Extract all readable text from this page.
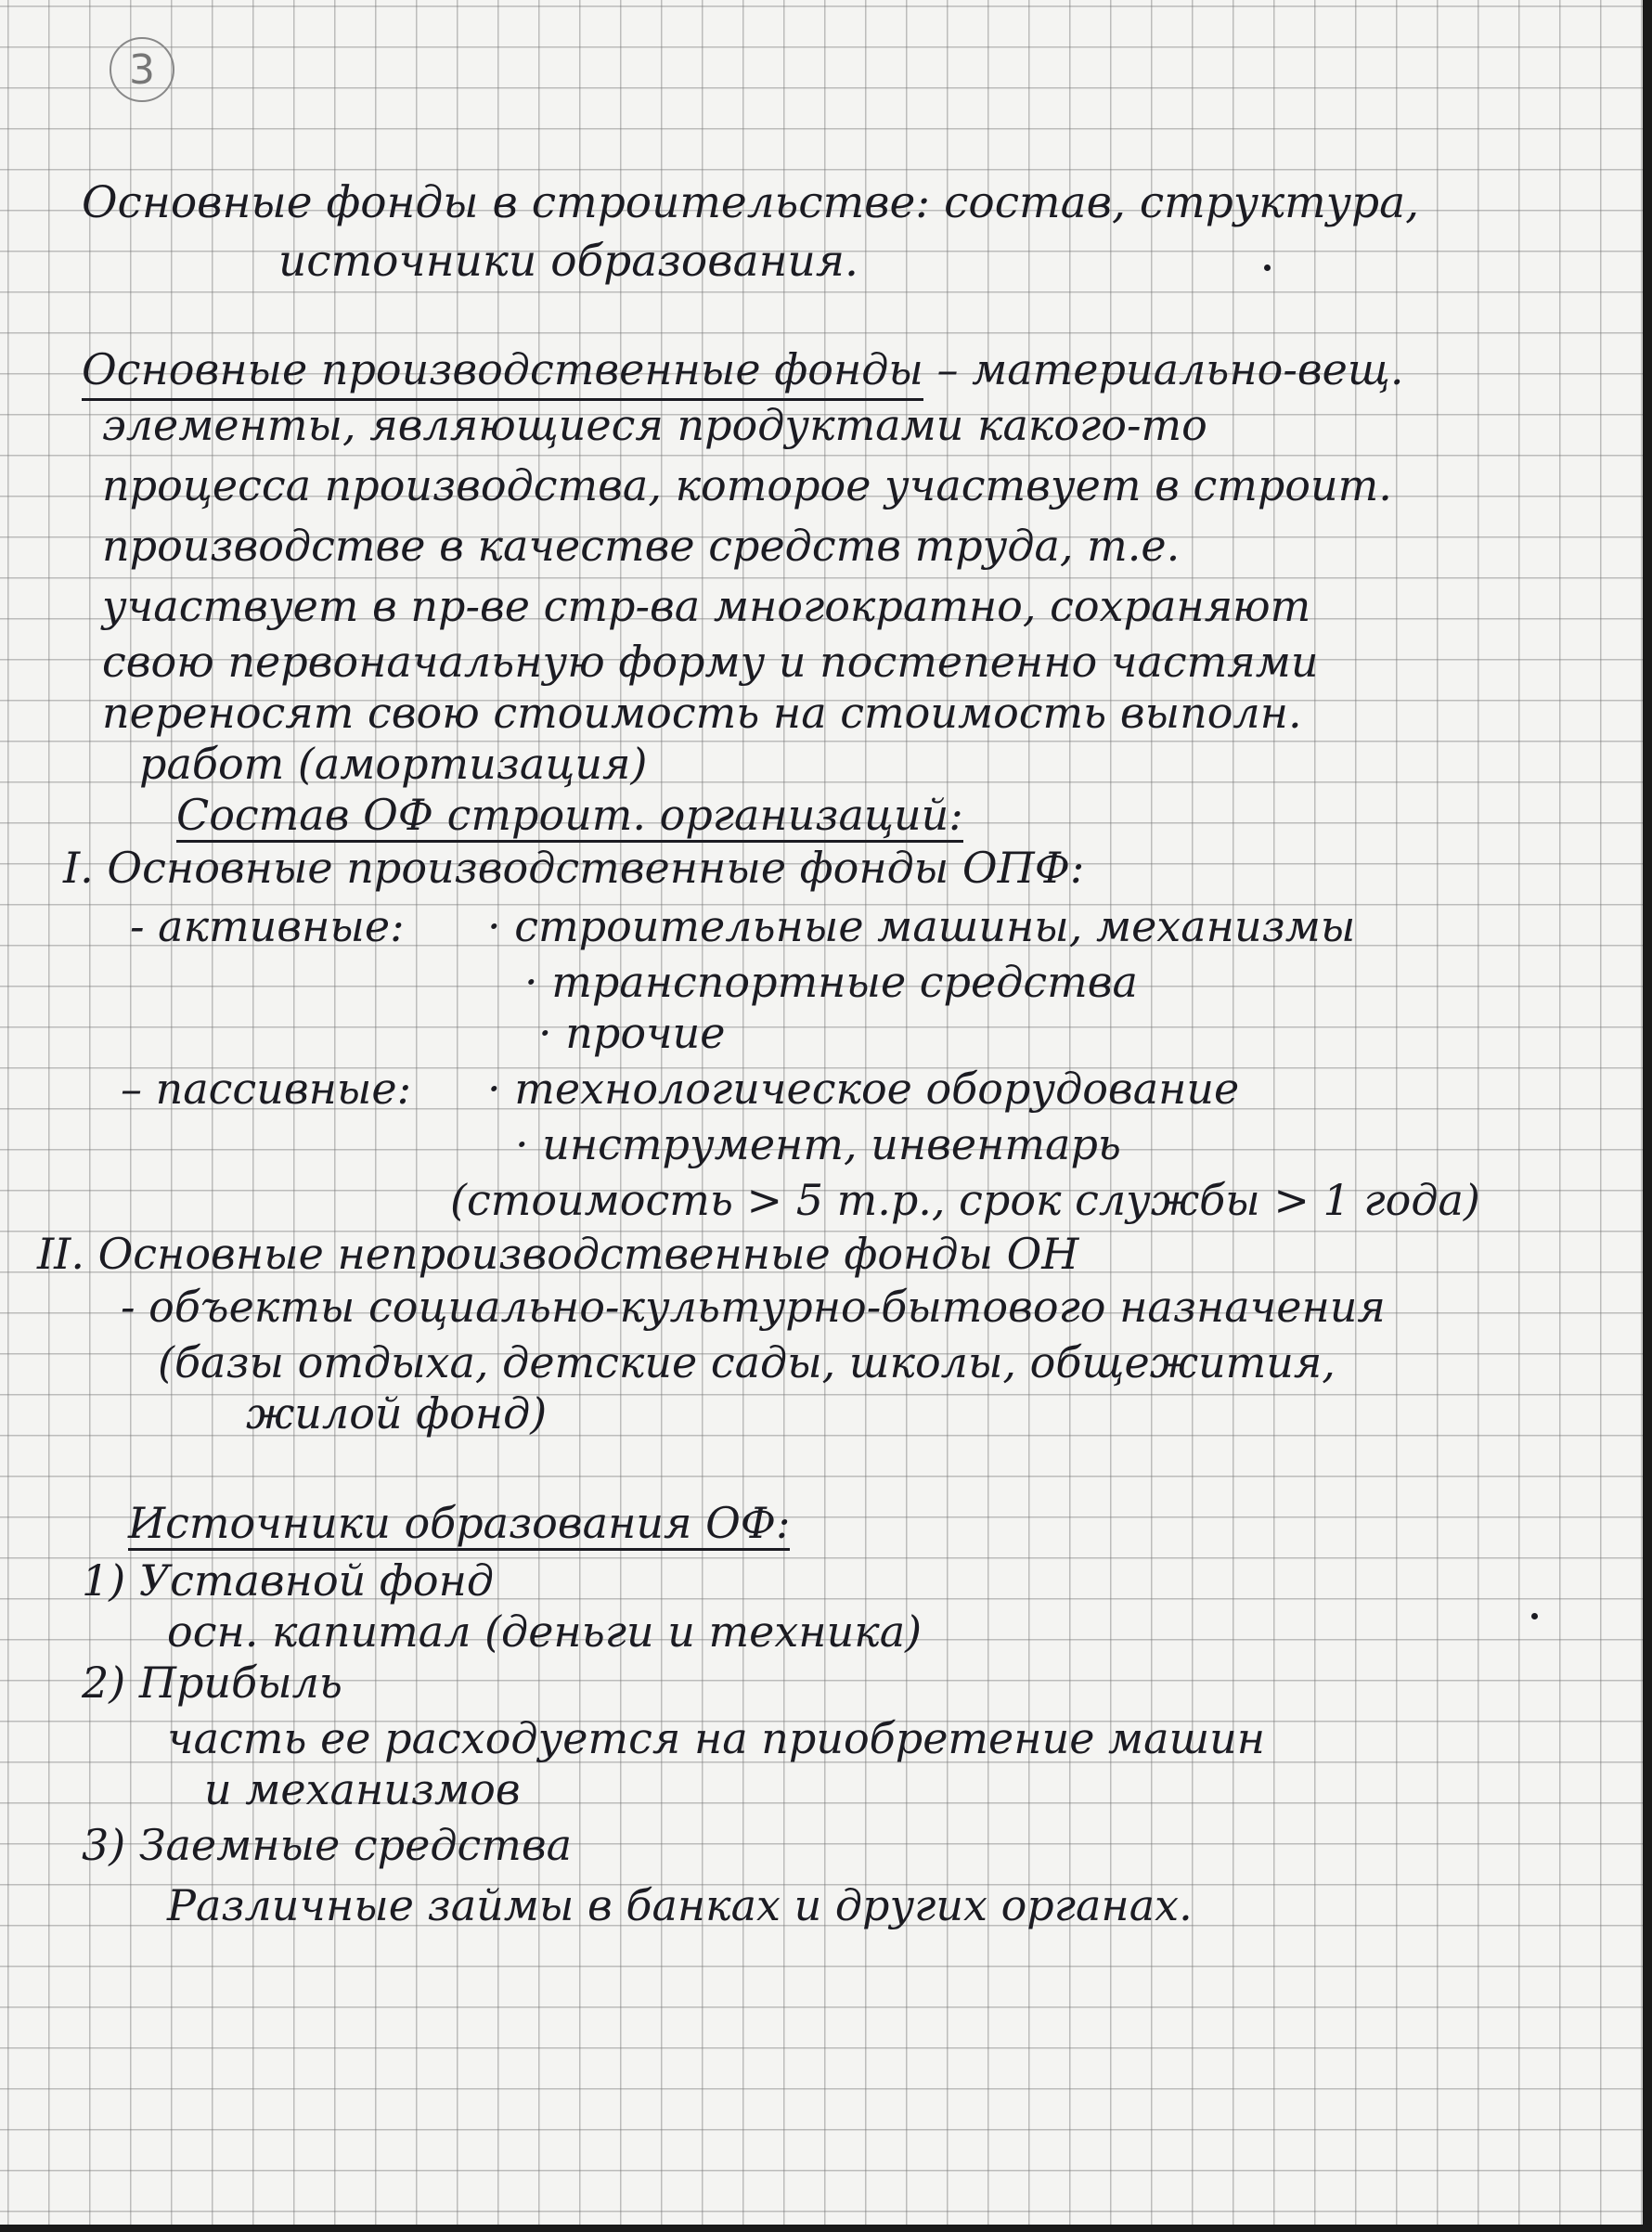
3
Основные фонды в строительстве: состав, структура,
источники образования.
Основные производственные фонды – материально-вещ.
элементы, являющиеся продуктами какого-то
процесса производства, которое участвует в строит.
производстве в качестве средств труда, т.е.
участвует в пр-ве стр-ва многократно, сохраняют
свою первоначальную форму и постепенно частями
переносят свою стоимость на стоимость выполн.
работ (амортизация)
Состав ОФ строит. организаций:
I. Основные производственные фонды ОПФ:
- активные: · строительные машины, механизмы
· транспортные средства
· прочие
– пассивные: · технологическое оборудование
· инструмент, инвентарь
(стоимость > 5 т.р., срок службы > 1 года)
II. Основные непроизводственные фонды ОН
- объекты социально-культурно-бытового назначения
(базы отдыха, детские сады, школы, общежития,
жилой фонд)
Источники образования ОФ:
1) Уставной фонд
осн. капитал (деньги и техника)
2) Прибыль
часть ее расходуется на приобретение машин
и механизмов
3) Заемные средства
Различные займы в банках и других органах.
